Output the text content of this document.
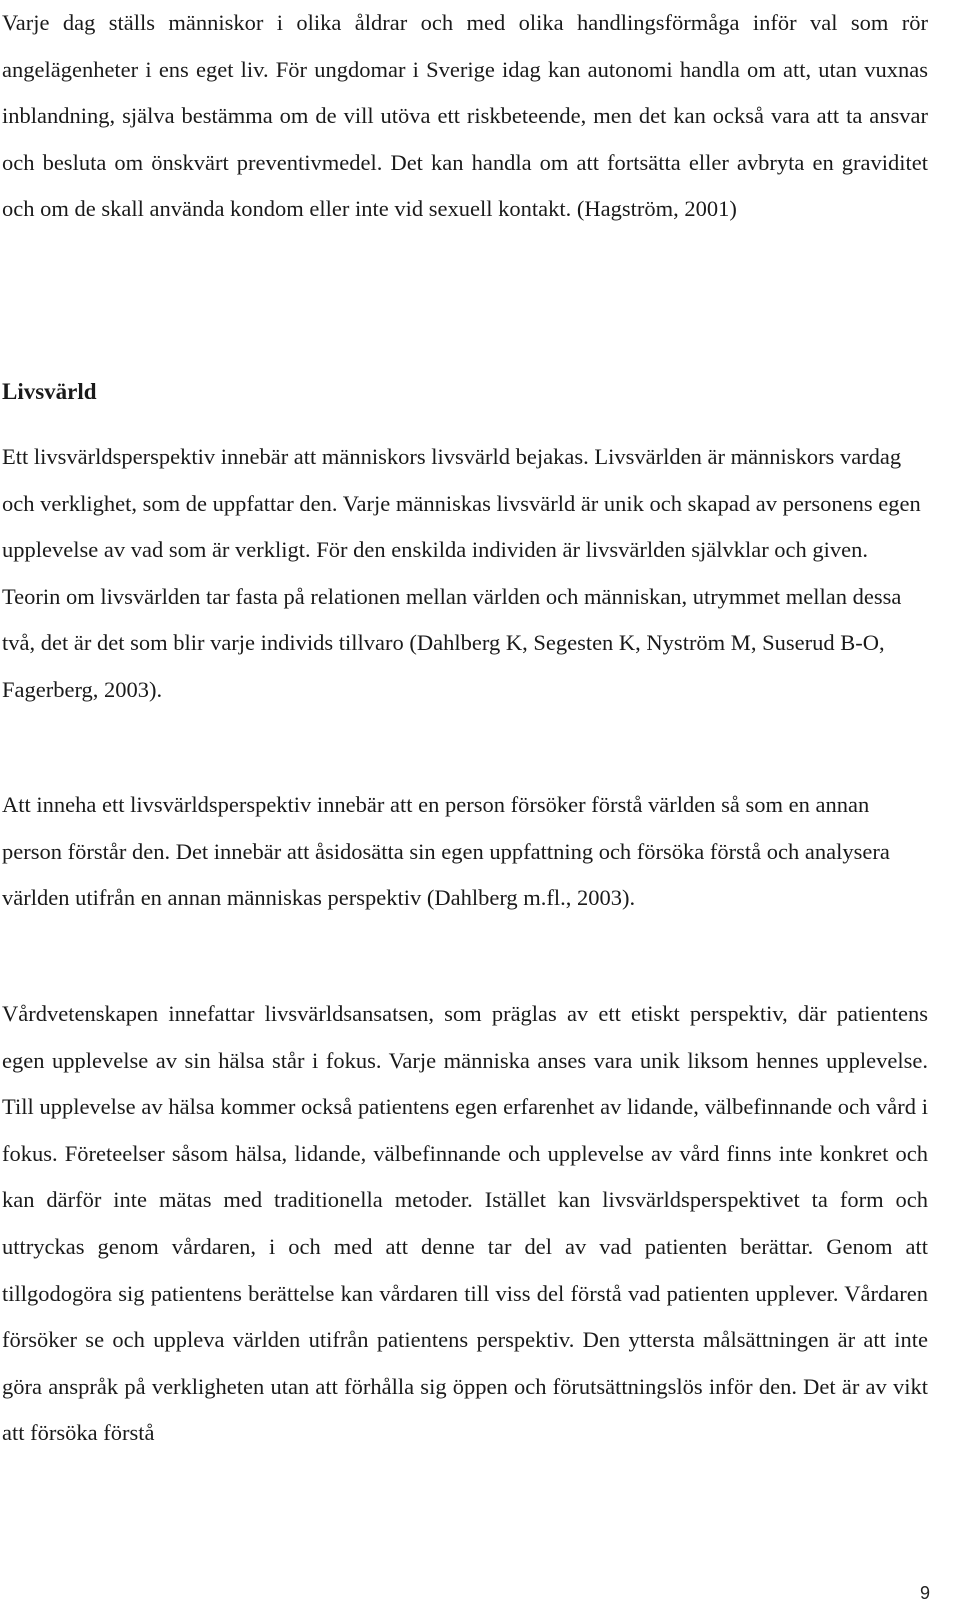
Varje dag ställs människor i olika åldrar och med olika handlingsförmåga inför val som rör angelägenheter i ens eget liv. För ungdomar i Sverige idag kan autonomi handla om att, utan vuxnas inblandning, själva bestämma om de vill utöva ett riskbeteende, men det kan också vara att ta ansvar och besluta om önskvärt preventivmedel. Det kan handla om att fortsätta eller avbryta en graviditet och om de skall använda kondom eller inte vid sexuell kontakt. (Hagström, 2001)

Livsvärld

Ett livsvärldsperspektiv innebär att människors livsvärld bejakas. Livsvärlden är människors vardag och verklighet, som de uppfattar den. Varje människas livsvärld är unik och skapad av personens egen upplevelse av vad som är verkligt. För den enskilda individen är livsvärlden självklar och given. Teorin om livsvärlden tar fasta på relationen mellan världen och människan, utrymmet mellan dessa två, det är det som blir varje individs tillvaro (Dahlberg K, Segesten K, Nyström M, Suserud B-O, Fagerberg, 2003).

Att inneha ett livsvärldsperspektiv innebär att en person försöker förstå världen så som en annan person förstår den. Det innebär att åsidosätta sin egen uppfattning och försöka förstå och analysera världen utifrån en annan människas perspektiv (Dahlberg m.fl., 2003).

Vårdvetenskapen innefattar livsvärldsansatsen, som präglas av ett etiskt perspektiv, där patientens egen upplevelse av sin hälsa står i fokus. Varje människa anses vara unik liksom hennes upplevelse. Till upplevelse av hälsa kommer också patientens egen erfarenhet av lidande, välbefinnande och vård i fokus. Företeelser såsom hälsa, lidande, välbefinnande och upplevelse av vård finns inte konkret och kan därför inte mätas med traditionella metoder. Istället kan livsvärldsperspektivet ta form och uttryckas genom vårdaren, i och med att denne tar del av vad patienten berättar. Genom att tillgodogöra sig patientens berättelse kan vårdaren till viss del förstå vad patienten upplever. Vårdaren försöker se och uppleva världen utifrån patientens perspektiv. Den yttersta målsättningen är att inte göra anspråk på verkligheten utan att förhålla sig öppen och förutsättningslös inför den. Det är av vikt att försöka förstå

9
